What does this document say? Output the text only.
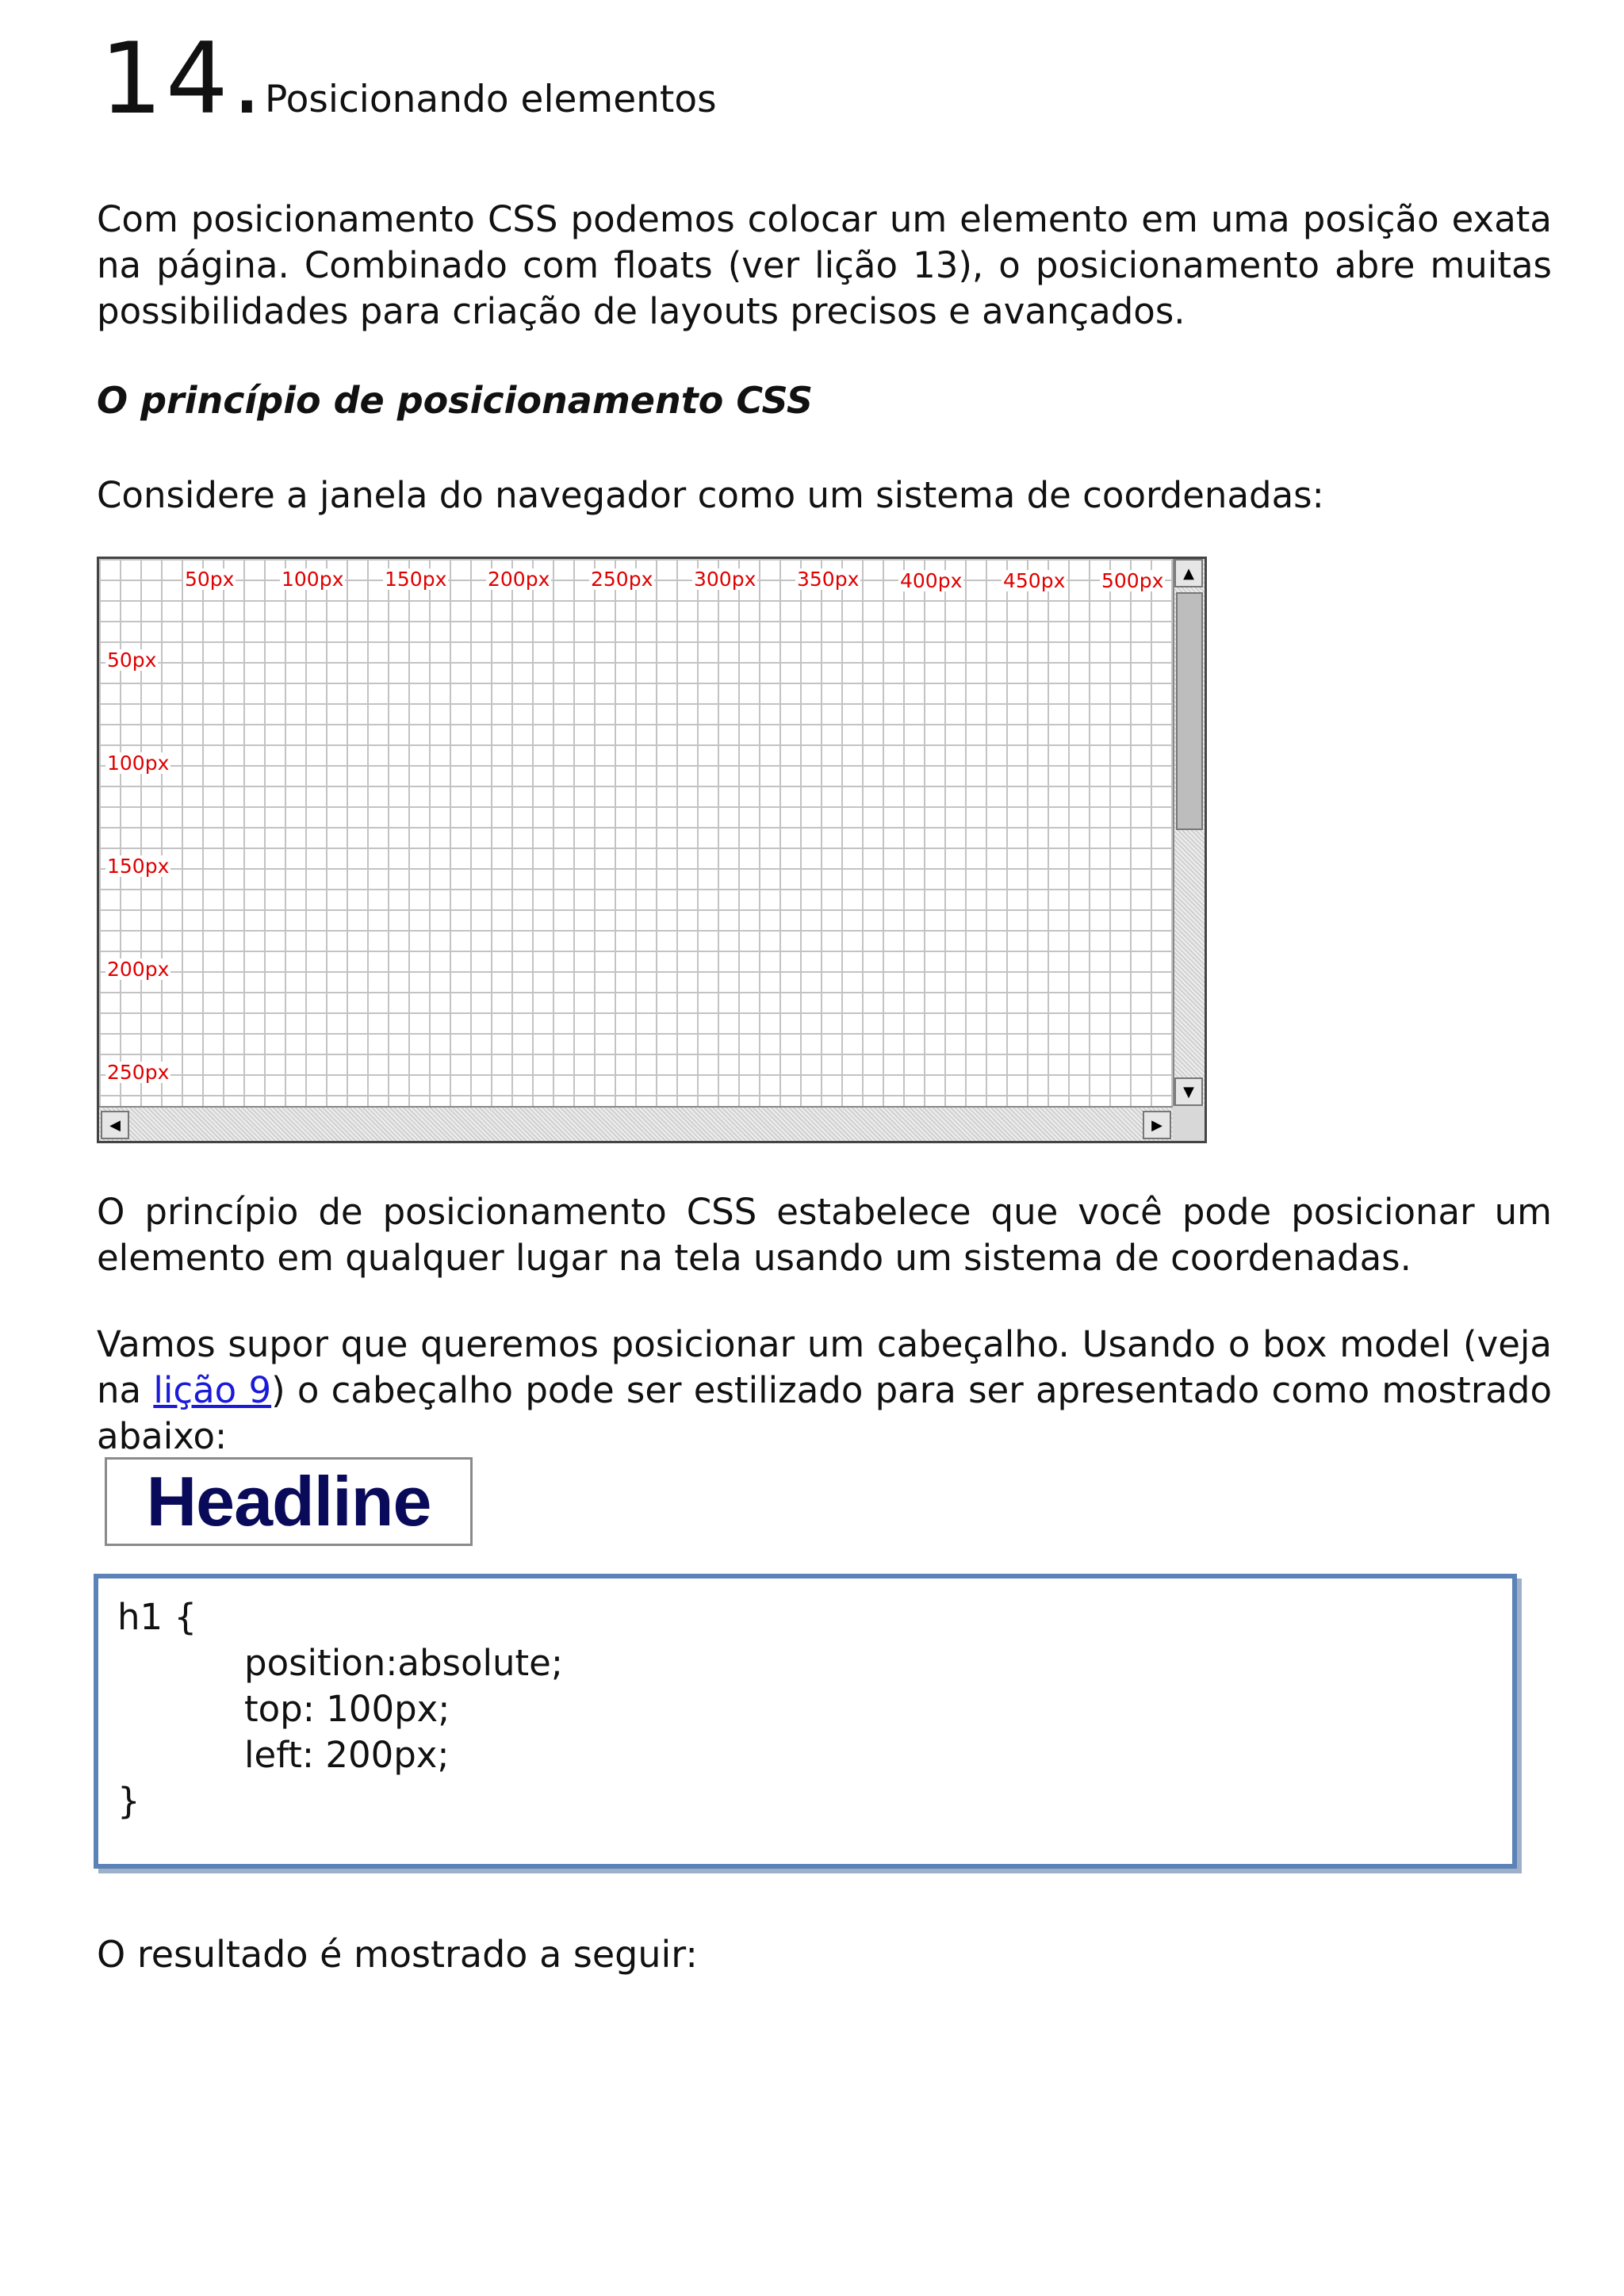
14.
Posicionando elementos
Com posicionamento CSS podemos colocar um elemento em uma posição exata na página. Combinado com floats (ver lição 13), o posicionamento abre muitas possibilidades para criação de layouts precisos e avançados.
O princípio de posicionamento CSS
Considere a janela do navegador como um sistema de coordenadas:
50px 100px 150px 200px 250px 300px 350px 400px 450px 500px
50px
100px
150px
200px
250px
▲
▼
◀	▶
O princípio de posicionamento CSS estabelece que você pode posicionar um elemento em qualquer lugar na tela usando um sistema de coordenadas.
Vamos supor que queremos posicionar um cabeçalho. Usando o box model (veja na lição 9) o cabeçalho pode ser estilizado para ser apresentado como mostrado abaixo:
Headline
h1 {
position:absolute;
top: 100px;
left: 200px;
}
O resultado é mostrado a seguir:
